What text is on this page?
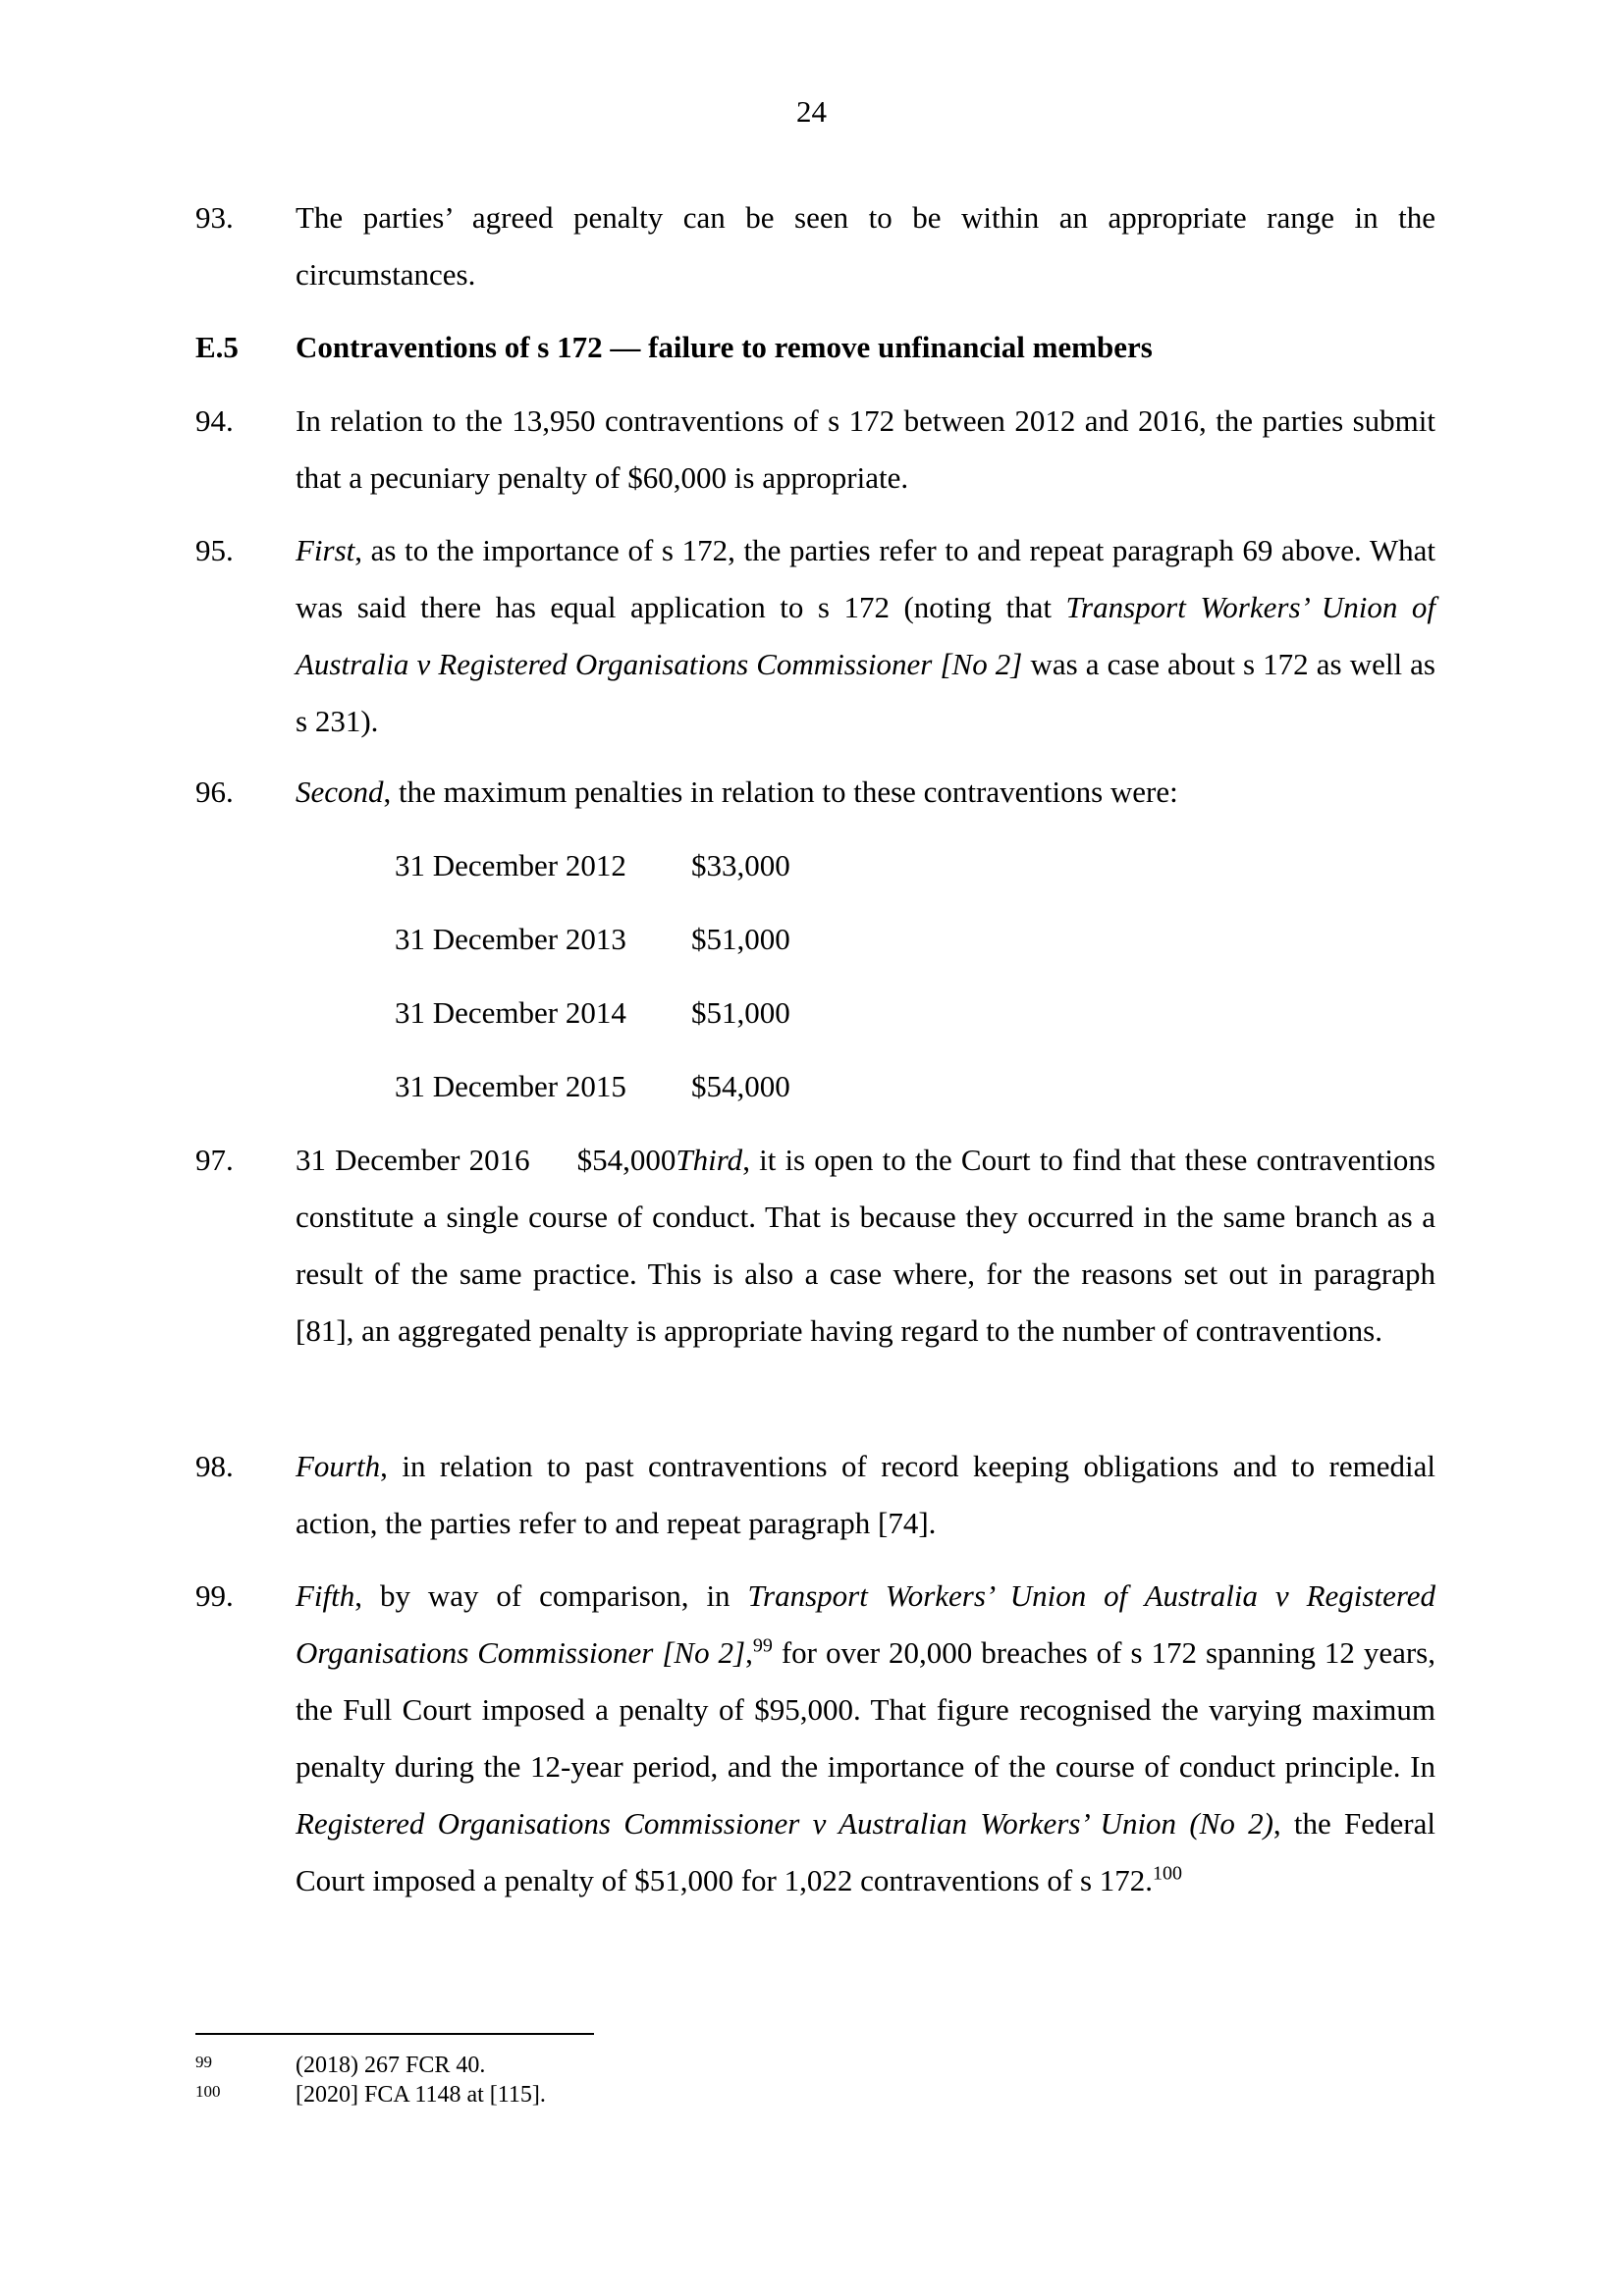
24
93. The parties’ agreed penalty can be seen to be within an appropriate range in the circumstances.
E.5 Contraventions of s 172 — failure to remove unfinancial members
94. In relation to the 13,950 contraventions of s 172 between 2012 and 2016, the parties submit that a pecuniary penalty of $60,000 is appropriate.
95. First, as to the importance of s 172, the parties refer to and repeat paragraph 69 above. What was said there has equal application to s 172 (noting that Transport Workers’ Union of Australia v Registered Organisations Commissioner [No 2] was a case about s 172 as well as s 231).
96. Second, the maximum penalties in relation to these contraventions were:
31 December 2012 $33,000
31 December 2013 $51,000
31 December 2014 $51,000
31 December 2015 $54,000
97. 31 December 2016 $54,000Third, it is open to the Court to find that these contraventions constitute a single course of conduct. That is because they occurred in the same branch as a result of the same practice. This is also a case where, for the reasons set out in paragraph [81], an aggregated penalty is appropriate having regard to the number of contraventions.
98. Fourth, in relation to past contraventions of record keeping obligations and to remedial action, the parties refer to and repeat paragraph [74].
99. Fifth, by way of comparison, in Transport Workers’ Union of Australia v Registered Organisations Commissioner [No 2],$^{99}$ for over 20,000 breaches of s 172 spanning 12 years, the Full Court imposed a penalty of $95,000. That figure recognised the varying maximum penalty during the 12-year period, and the importance of the course of conduct principle. In Registered Organisations Commissioner v Australian Workers’ Union (No 2), the Federal Court imposed a penalty of $51,000 for 1,022 contraventions of s 172.$^{100}$
99	(2018) 267 FCR 40.
100	[2020] FCA 1148 at [115].
